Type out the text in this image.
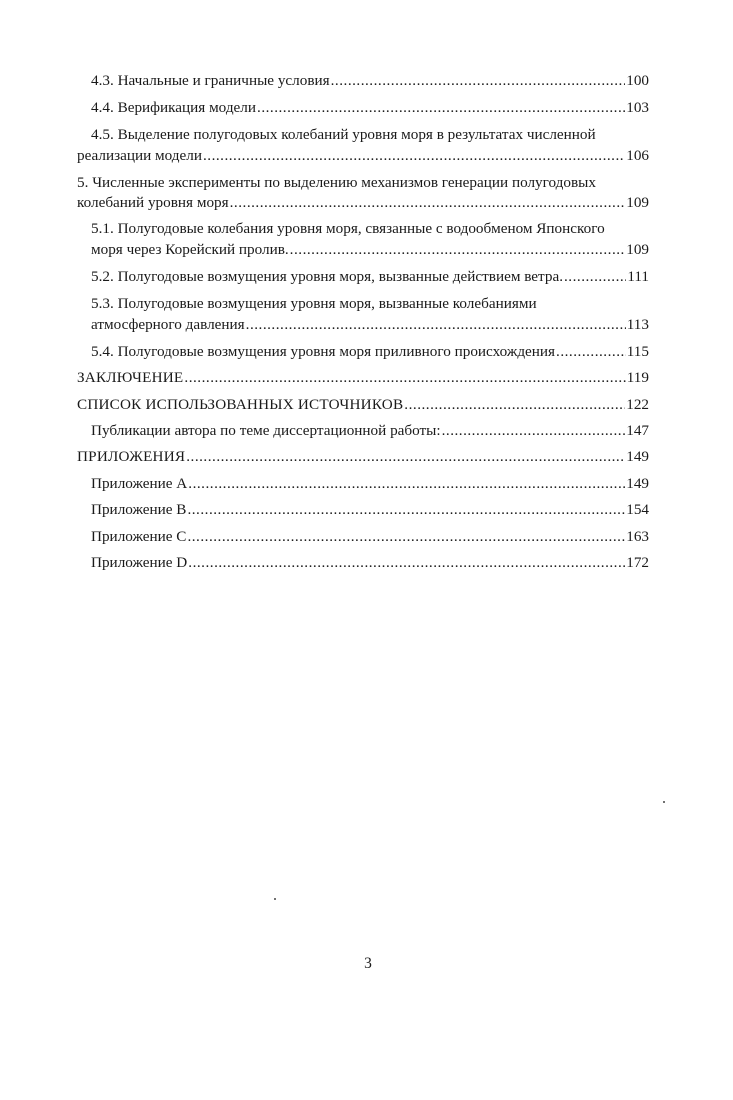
4.3. Начальные и граничные условия .....	100
4.4. Верификация модели .....	103
4.5. Выделение полугодовых колебаний уровня моря в результатах численной
реализации модели .....	106
5. Численные эксперименты по выделению механизмов генерации полугодовых
колебаний уровня моря .....	109
5.1. Полугодовые колебания уровня моря, связанные с водообменом Японского
моря через Корейский пролив. .....	109
5.2. Полугодовые возмущения уровня моря, вызванные действием ветра. .....	111
5.3. Полугодовые возмущения уровня моря, вызванные колебаниями
атмосферного давления .....	113
5.4. Полугодовые возмущения уровня моря приливного происхождения .....	115
ЗАКЛЮЧЕНИЕ .....	119
СПИСОК ИСПОЛЬЗОВАННЫХ ИСТОЧНИКОВ .....	122
Публикации автора по теме диссертационной работы: .....	147
ПРИЛОЖЕНИЯ .....	149
Приложение А .....	149
Приложение В .....	154
Приложение С .....	163
Приложение D .....	172
3
